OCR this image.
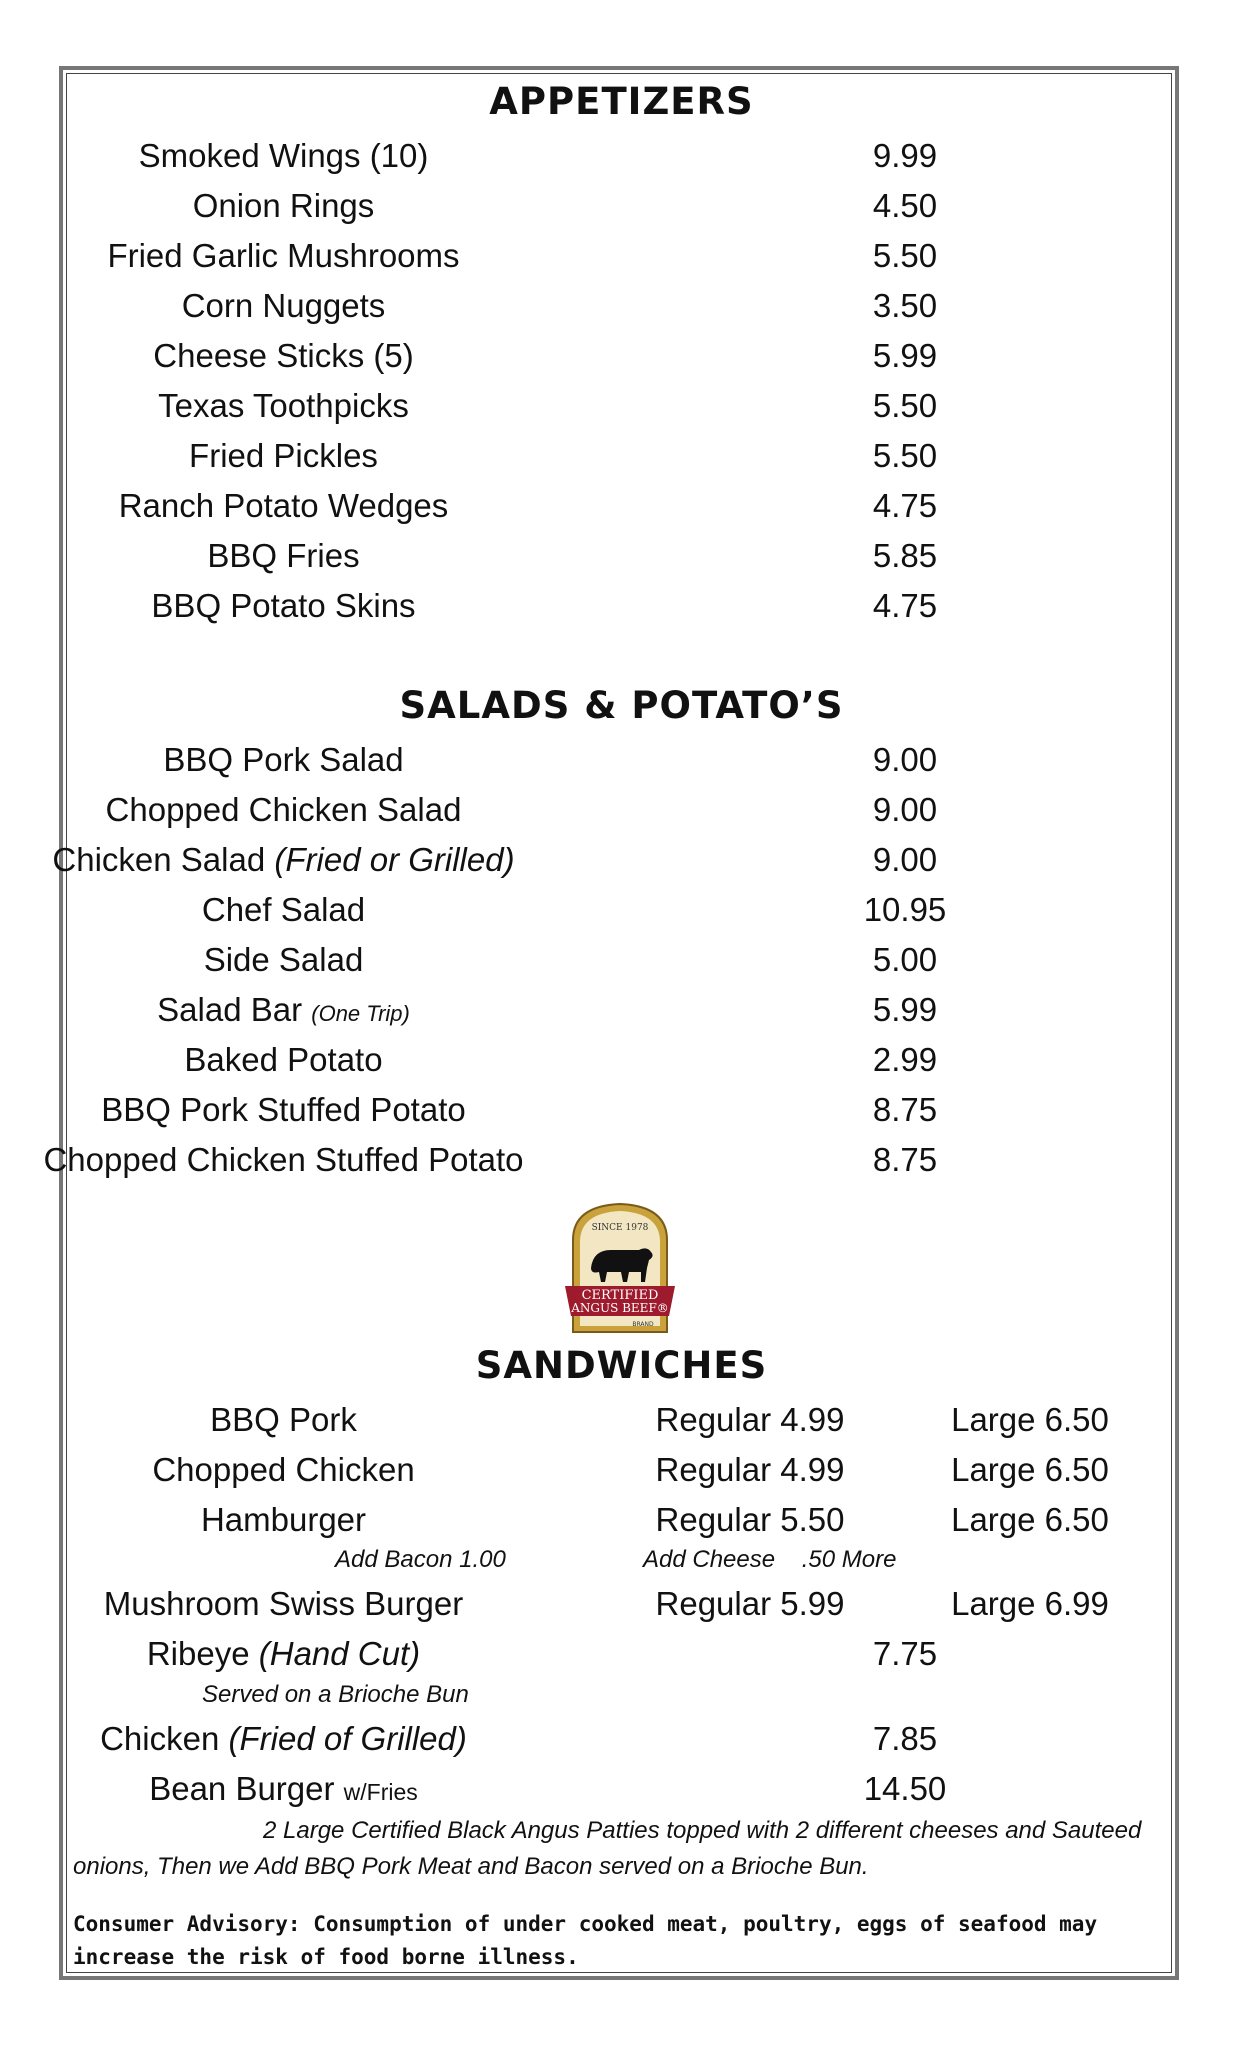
APPETIZERS
Smoked Wings (10)	9.99
Onion Rings	4.50
Fried Garlic Mushrooms	5.50
Corn Nuggets	3.50
Cheese Sticks (5)	5.99
Texas Toothpicks	5.50
Fried Pickles	5.50
Ranch Potato Wedges	4.75
BBQ Fries	5.85
BBQ Potato Skins	4.75
SALADS & POTATO’S
BBQ Pork Salad	9.00
Chopped Chicken Salad	9.00
Chicken Salad (Fried or Grilled)	9.00
Chef Salad	10.95
Side Salad	5.00
Salad Bar (One Trip)	5.99
Baked Potato	2.99
BBQ Pork Stuffed Potato	8.75
Chopped Chicken Stuffed Potato	8.75
SINCE 1978
CERTIFIED
ANGUS BEEF®
BRAND
SANDWICHES
BBQ Pork	Regular 4.99	Large 6.50
Chopped Chicken	Regular 4.99	Large 6.50
Hamburger	Regular 5.50	Large 6.50
Add Bacon 1.00	Add Cheese    .50 More
Mushroom Swiss Burger	Regular 5.99	Large 6.99
Ribeye (Hand Cut)	7.75
Served on a Brioche Bun
Chicken (Fried of Grilled)	7.85
Bean Burger w/Fries	14.50
2 Large Certified Black Angus Patties topped with 2 different cheeses and Sauteed onions, Then we Add BBQ Pork Meat and Bacon served on a Brioche Bun.
Consumer Advisory: Consumption of under cooked meat, poultry, eggs of seafood may increase the risk of food borne illness.
